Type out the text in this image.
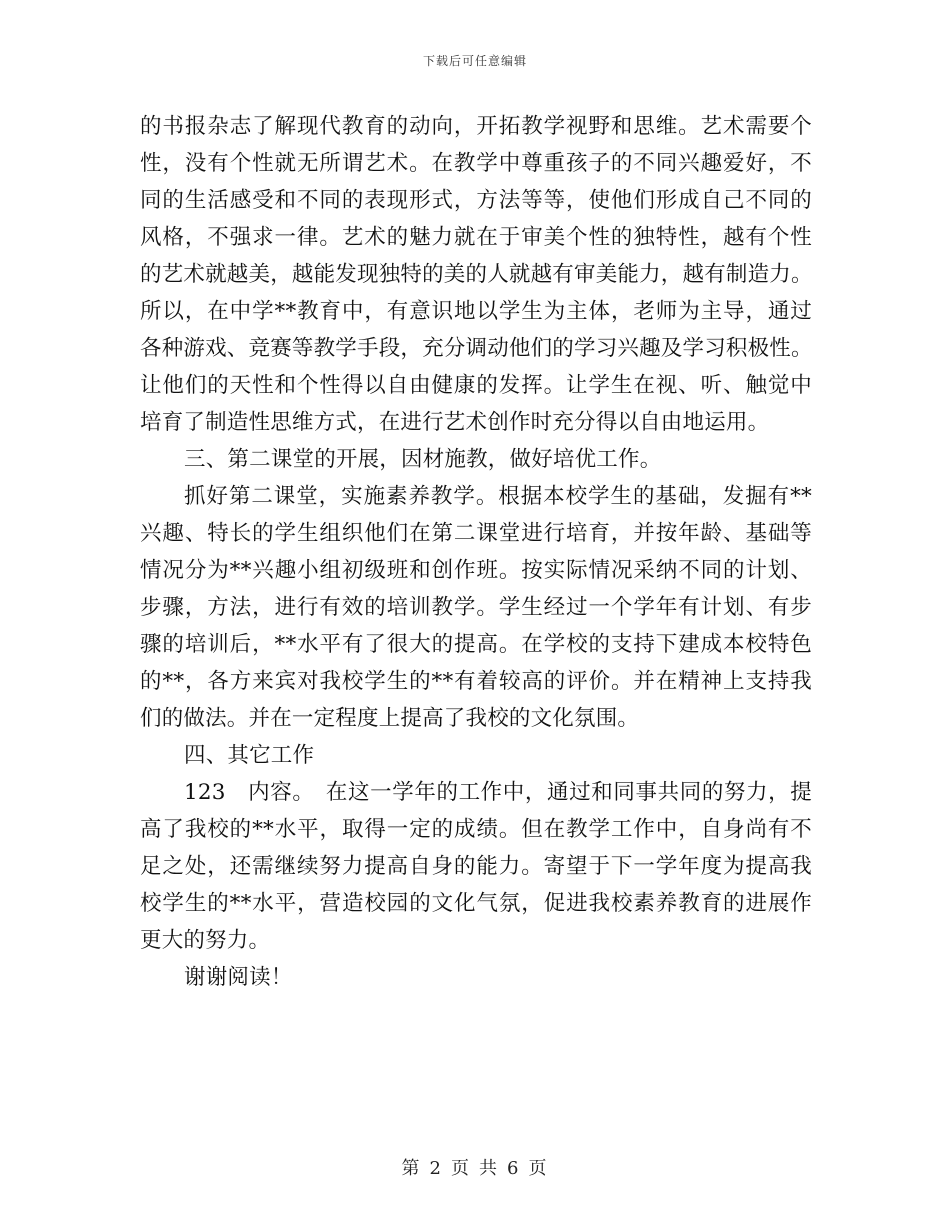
下载后可任意编辑
的书报杂志了解现代教育的动向，开拓教学视野和思维。艺术需要个
性，没有个性就无所谓艺术。在教学中尊重孩子的不同兴趣爱好，不
同的生活感受和不同的表现形式，方法等等，使他们形成自己不同的
风格，不强求一律。艺术的魅力就在于审美个性的独特性，越有个性
的艺术就越美，越能发现独特的美的人就越有审美能力，越有制造力。
所以，在中学**教育中，有意识地以学生为主体，老师为主导，通过
各种游戏、竞赛等教学手段，充分调动他们的学习兴趣及学习积极性。
让他们的天性和个性得以自由健康的发挥。让学生在视、听、触觉中
培育了制造性思维方式，在进行艺术创作时充分得以自由地运用。
三、第二课堂的开展，因材施教，做好培优工作。
抓好第二课堂，实施素养教学。根据本校学生的基础，发掘有**
兴趣、特长的学生组织他们在第二课堂进行培育，并按年龄、基础等
情况分为**兴趣小组初级班和创作班。按实际情况采纳不同的计划、
步骤，方法，进行有效的培训教学。学生经过一个学年有计划、有步
骤的培训后，**水平有了很大的提高。在学校的支持下建成本校特色
的**，各方来宾对我校学生的**有着较高的评价。并在精神上支持我
们的做法。并在一定程度上提高了我校的文化氛围。
四、其它工作
123　内容。　在这一学年的工作中，通过和同事共同的努力，提
高了我校的**水平，取得一定的成绩。但在教学工作中，自身尚有不
足之处，还需继续努力提高自身的能力。寄望于下一学年度为提高我
校学生的**水平，营造校园的文化气氛，促进我校素养教育的进展作
更大的努力。
谢谢阅读！
第 2 页 共 6 页
